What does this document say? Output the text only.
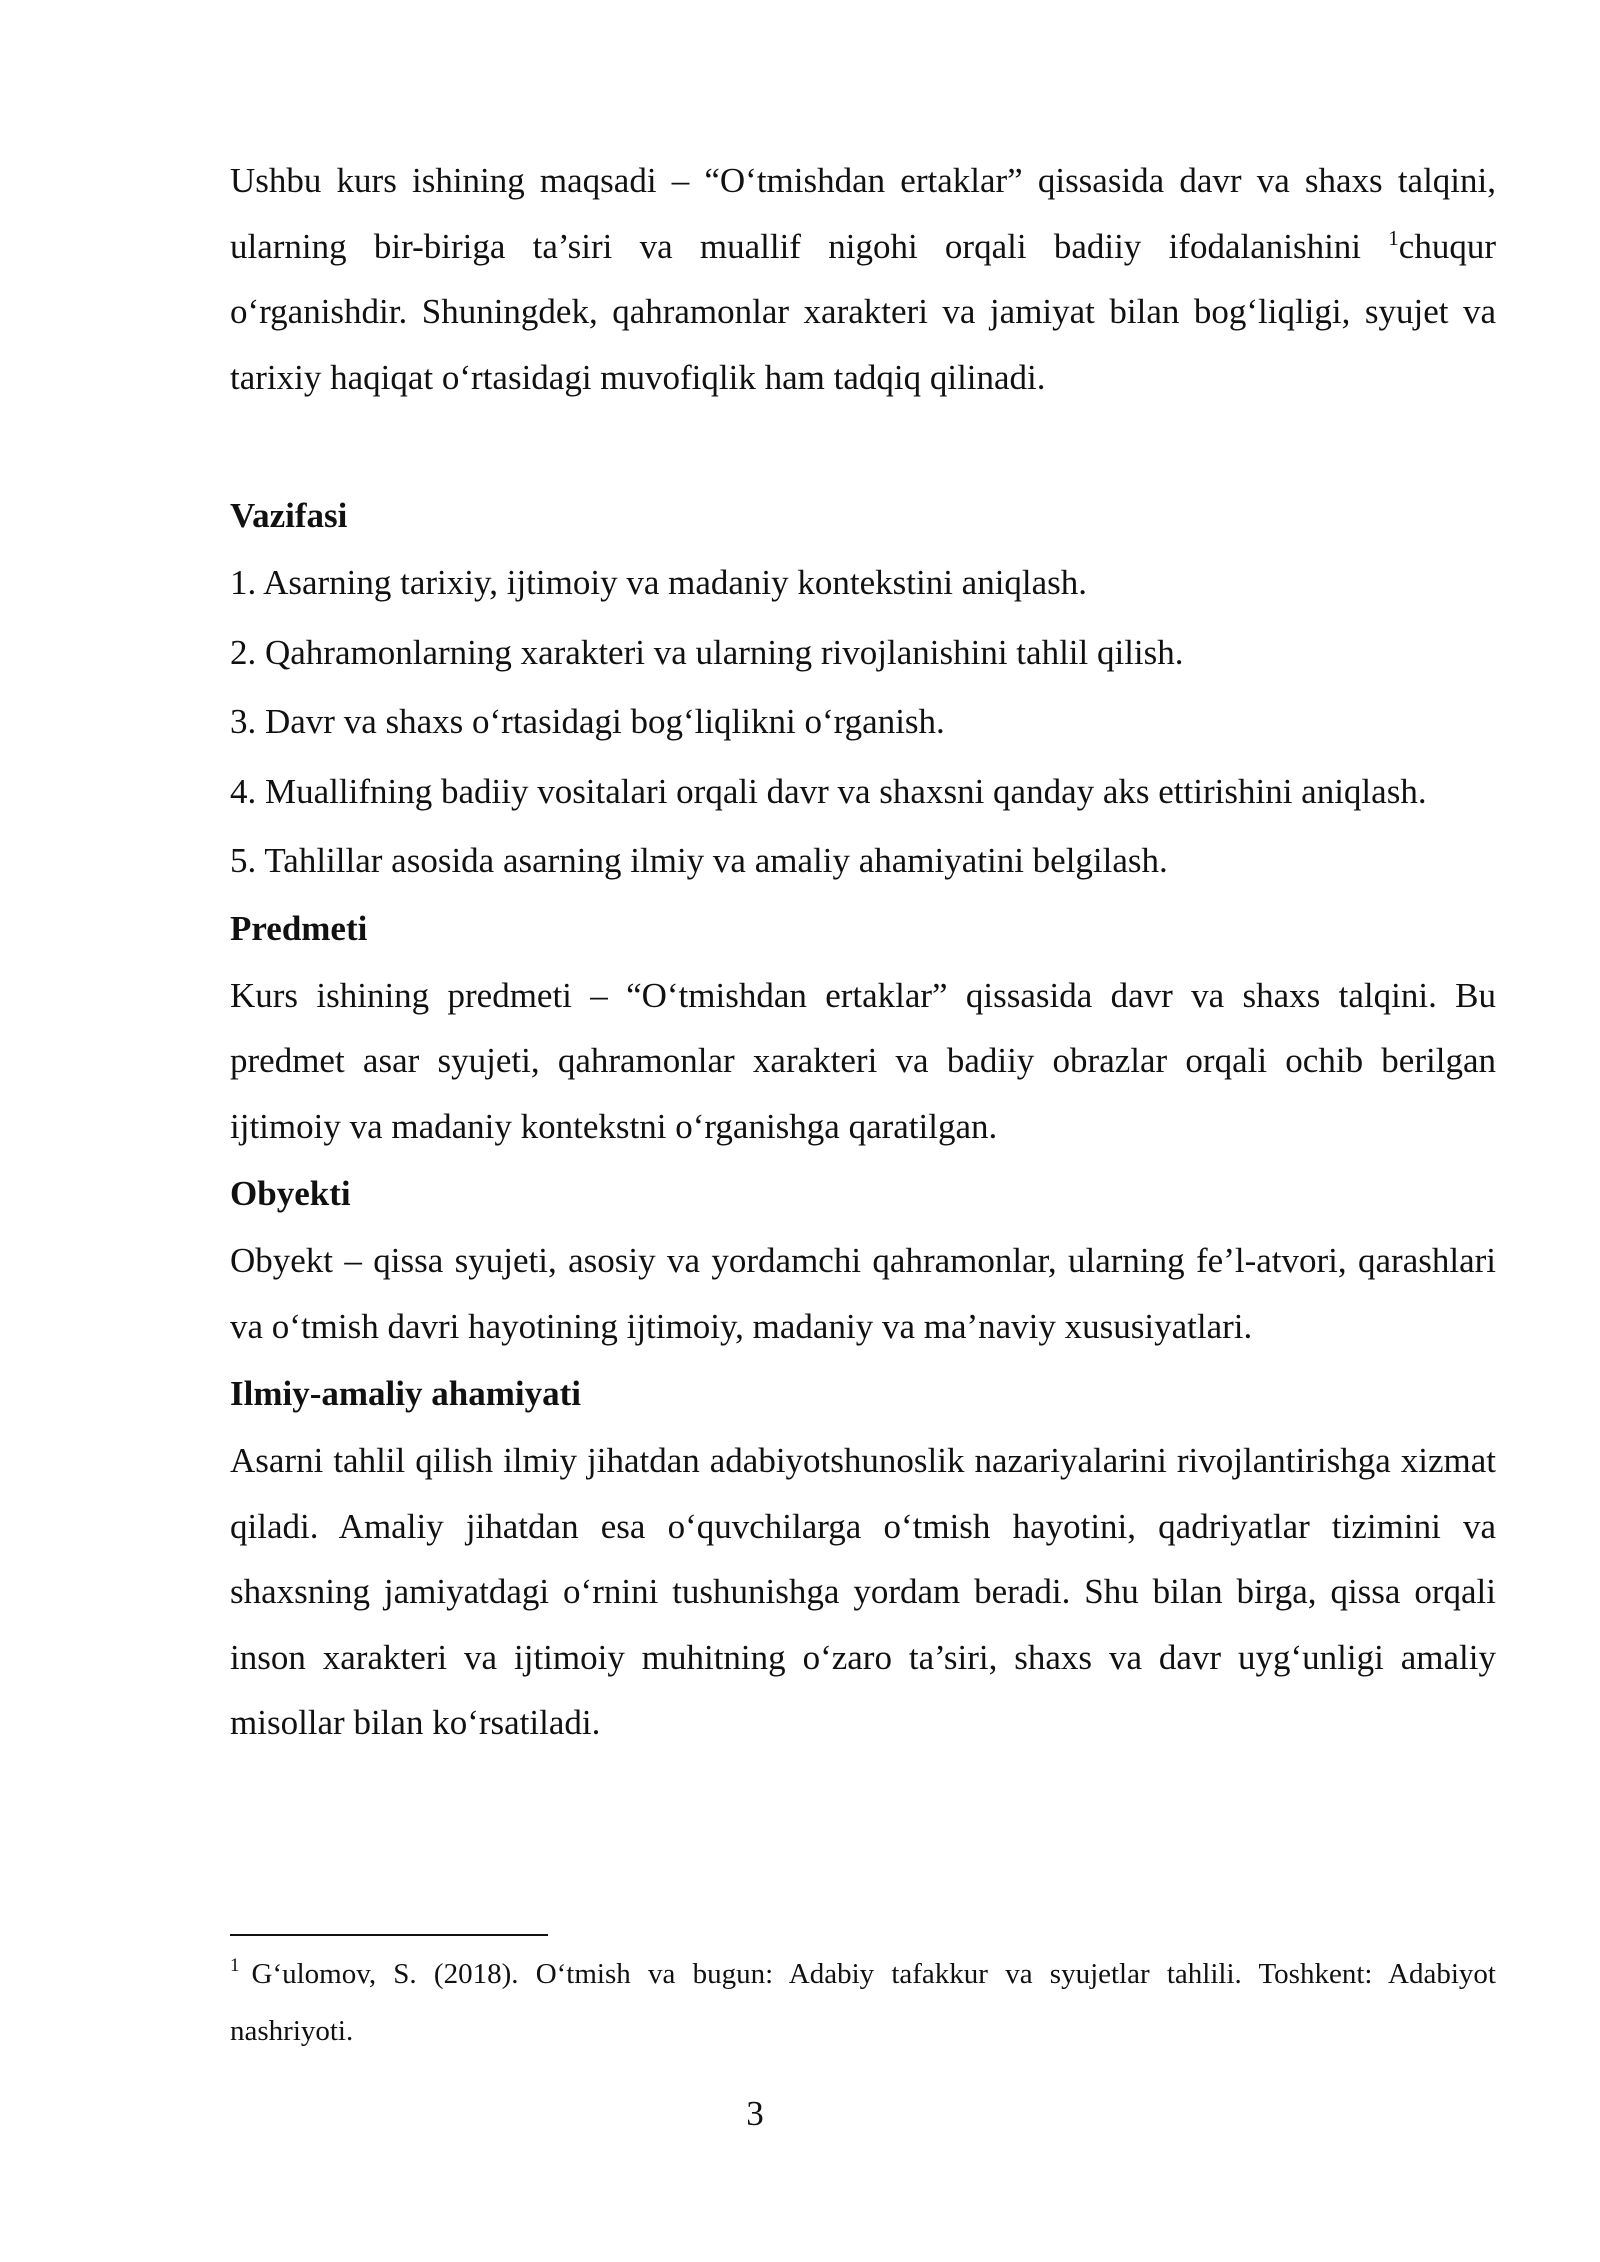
Ushbu kurs ishining maqsadi – “O‘tmishdan ertaklar” qissasida davr va shaxs talqini, ularning bir-biriga ta’siri va muallif nigohi orqali badiiy ifodalanishini $^1$chuqur o‘rganishdir. Shuningdek, qahramonlar xarakteri va jamiyat bilan bog‘liqligi, syujet va tarixiy haqiqat o‘rtasidagi muvofiqlik ham tadqiq qilinadi.

Vazifasi

1. Asarning tarixiy, ijtimoiy va madaniy kontekstini aniqlash.

2. Qahramonlarning xarakteri va ularning rivojlanishini tahlil qilish.

3. Davr va shaxs o‘rtasidagi bog‘liqlikni o‘rganish.

4. Muallifning badiiy vositalari orqali davr va shaxsni qanday aks ettirishini aniqlash.

5. Tahlillar asosida asarning ilmiy va amaliy ahamiyatini belgilash.

Predmeti

Kurs ishining predmeti – “O‘tmishdan ertaklar” qissasida davr va shaxs talqini. Bu predmet asar syujeti, qahramonlar xarakteri va badiiy obrazlar orqali ochib berilgan ijtimoiy va madaniy kontekstni o‘rganishga qaratilgan.

Obyekti

Obyekt – qissa syujeti, asosiy va yordamchi qahramonlar, ularning fe’l-atvori, qarashlari va o‘tmish davri hayotining ijtimoiy, madaniy va ma’naviy xususiyatlari.

Ilmiy-amaliy ahamiyati

Asarni tahlil qilish ilmiy jihatdan adabiyotshunoslik nazariyalarini rivojlantirishga xizmat qiladi. Amaliy jihatdan esa o‘quvchilarga o‘tmish hayotini, qadriyatlar tizimini va shaxsning jamiyatdagi o‘rnini tushunishga yordam beradi. Shu bilan birga, qissa orqali inson xarakteri va ijtimoiy muhitning o‘zaro ta’siri, shaxs va davr uyg‘unligi amaliy misollar bilan ko‘rsatiladi.

$^1$ G‘ulomov, S. (2018). O‘tmish va bugun: Adabiy tafakkur va syujetlar tahlili. Toshkent: Adabiyot nashriyoti.
3
